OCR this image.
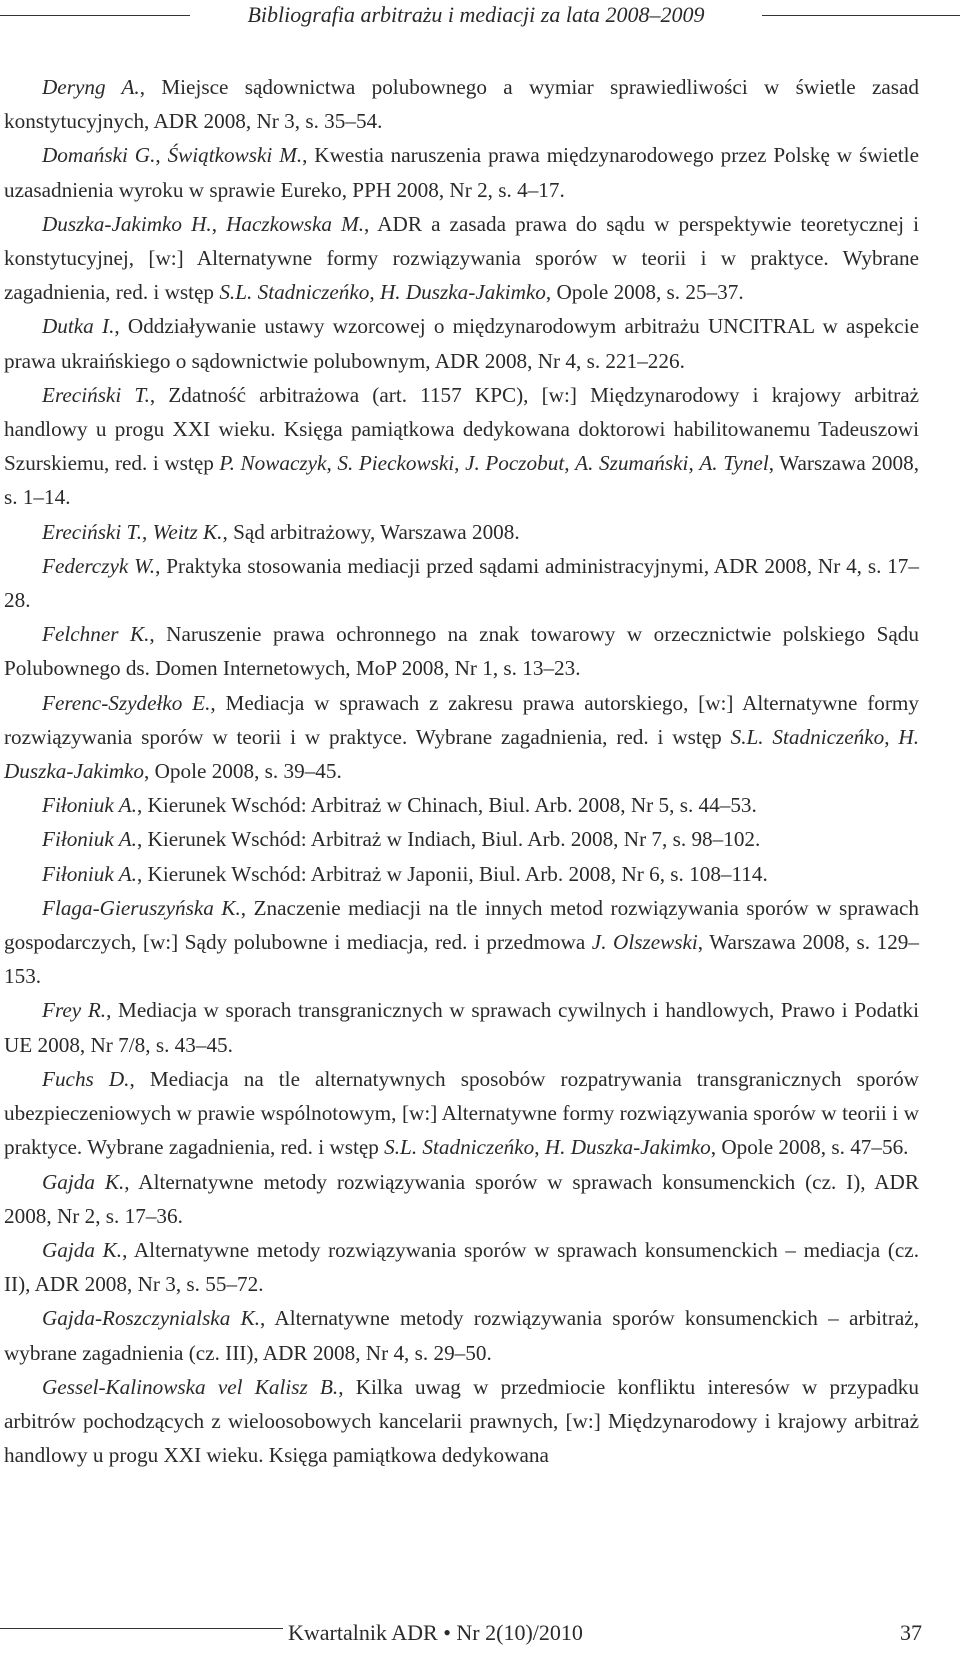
Bibliografia arbitrażu i mediacji za lata 2008–2009

Deryng A., Miejsce sądownictwa polubownego a wymiar sprawiedliwości w świetle zasad konstytucyjnych, ADR 2008, Nr 3, s. 35–54.

Domański G., Świątkowski M., Kwestia naruszenia prawa międzynarodowego przez Polskę w świetle uzasadnienia wyroku w sprawie Eureko, PPH 2008, Nr 2, s. 4–17.

Duszka-Jakimko H., Haczkowska M., ADR a zasada prawa do sądu w perspektywie teoretycznej i konstytucyjnej, [w:] Alternatywne formy rozwiązywania sporów w teorii i w praktyce. Wybrane zagadnienia, red. i wstęp S.L. Stadniczeńko, H. Duszka-Jakimko, Opole 2008, s. 25–37.

Dutka I., Oddziaływanie ustawy wzorcowej o międzynarodowym arbitrażu UNCITRAL w aspekcie prawa ukraińskiego o sądownictwie polubownym, ADR 2008, Nr 4, s. 221–226.

Ereciński T., Zdatność arbitrażowa (art. 1157 KPC), [w:] Międzynarodowy i krajowy arbitraż handlowy u progu XXI wieku. Księga pamiątkowa dedykowana doktorowi habilitowanemu Tadeuszowi Szurskiemu, red. i wstęp P. Nowaczyk, S. Pieckowski, J. Poczobut, A. Szumański, A. Tynel, Warszawa 2008, s. 1–14.

Ereciński T., Weitz K., Sąd arbitrażowy, Warszawa 2008.

Federczyk W., Praktyka stosowania mediacji przed sądami administracyjnymi, ADR 2008, Nr 4, s. 17–28.

Felchner K., Naruszenie prawa ochronnego na znak towarowy w orzecznictwie polskiego Sądu Polubownego ds. Domen Internetowych, MoP 2008, Nr 1, s. 13–23.

Ferenc-Szydełko E., Mediacja w sprawach z zakresu prawa autorskiego, [w:] Alternatywne formy rozwiązywania sporów w teorii i w praktyce. Wybrane zagadnienia, red. i wstęp S.L. Stadniczeńko, H. Duszka-Jakimko, Opole 2008, s. 39–45.

Fiłoniuk A., Kierunek Wschód: Arbitraż w Chinach, Biul. Arb. 2008, Nr 5, s. 44–53.

Fiłoniuk A., Kierunek Wschód: Arbitraż w Indiach, Biul. Arb. 2008, Nr 7, s. 98–102.

Fiłoniuk A., Kierunek Wschód: Arbitraż w Japonii, Biul. Arb. 2008, Nr 6, s. 108–114.

Flaga-Gieruszyńska K., Znaczenie mediacji na tle innych metod rozwiązywania sporów w sprawach gospodarczych, [w:] Sądy polubowne i mediacja, red. i przedmowa J. Olszewski, Warszawa 2008, s. 129–153.

Frey R., Mediacja w sporach transgranicznych w sprawach cywilnych i handlowych, Prawo i Podatki UE 2008, Nr 7/8, s. 43–45.

Fuchs D., Mediacja na tle alternatywnych sposobów rozpatrywania transgranicznych sporów ubezpieczeniowych w prawie wspólnotowym, [w:] Alternatywne formy rozwiązywania sporów w teorii i w praktyce. Wybrane zagadnienia, red. i wstęp S.L. Stadniczeńko, H. Duszka-Jakimko, Opole 2008, s. 47–56.

Gajda K., Alternatywne metody rozwiązywania sporów w sprawach konsumenckich (cz. I), ADR 2008, Nr 2, s. 17–36.

Gajda K., Alternatywne metody rozwiązywania sporów w sprawach konsumenckich – mediacja (cz. II), ADR 2008, Nr 3, s. 55–72.

Gajda-Roszczynialska K., Alternatywne metody rozwiązywania sporów konsumenckich – arbitraż, wybrane zagadnienia (cz. III), ADR 2008, Nr 4, s. 29–50.

Gessel-Kalinowska vel Kalisz B., Kilka uwag w przedmiocie konfliktu interesów w przypadku arbitrów pochodzących z wieloosobowych kancelarii prawnych, [w:] Międzynarodowy i krajowy arbitraż handlowy u progu XXI wieku. Księga pamiątkowa dedykowana

Kwartalnik ADR • Nr 2(10)/2010	37
